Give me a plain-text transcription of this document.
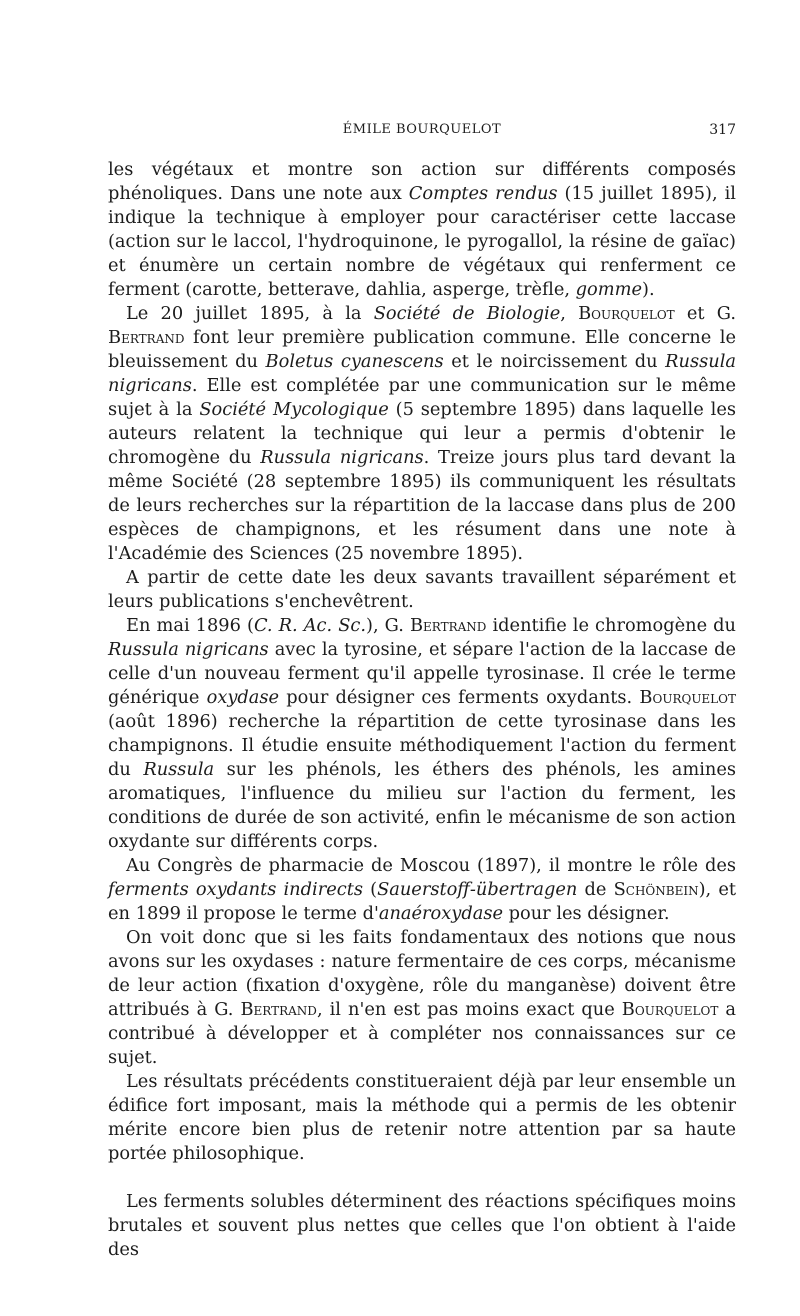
ÉMILE BOURQUELOT	317

les végétaux et montre son action sur différents composés phénoliques. Dans une note aux Comptes rendus (15 juillet 1895), il indique la technique à employer pour caractériser cette laccase (action sur le laccol, l'hydroquinone, le pyrogallol, la résine de gaïac) et énumère un certain nombre de végétaux qui renferment ce ferment (carotte, betterave, dahlia, asperge, trèfle, gomme).

Le 20 juillet 1895, à la Société de Biologie, Bourquelot et G. Bertrand font leur première publication commune. Elle concerne le bleuissement du Boletus cyanescens et le noircissement du Russula nigricans. Elle est complétée par une communication sur le même sujet à la Société Mycologique (5 septembre 1895) dans laquelle les auteurs relatent la technique qui leur a permis d'obtenir le chromogène du Russula nigricans. Treize jours plus tard devant la même Société (28 septembre 1895) ils communiquent les résultats de leurs recherches sur la répartition de la laccase dans plus de 200 espèces de champignons, et les résument dans une note à l'Académie des Sciences (25 novembre 1895).

A partir de cette date les deux savants travaillent séparément et leurs publications s'enchevêtrent.

En mai 1896 (C. R. Ac. Sc.), G. Bertrand identifie le chromogène du Russula nigricans avec la tyrosine, et sépare l'action de la laccase de celle d'un nouveau ferment qu'il appelle tyrosinase. Il crée le terme générique oxydase pour désigner ces ferments oxydants. Bourquelot (août 1896) recherche la répartition de cette tyrosinase dans les champignons. Il étudie ensuite méthodiquement l'action du ferment du Russula sur les phénols, les éthers des phénols, les amines aromatiques, l'influence du milieu sur l'action du ferment, les conditions de durée de son activité, enfin le mécanisme de son action oxydante sur différents corps.

Au Congrès de pharmacie de Moscou (1897), il montre le rôle des ferments oxydants indirects (Sauerstoff-übertragen de Schönbein), et en 1899 il propose le terme d'anaéroxydase pour les désigner.

On voit donc que si les faits fondamentaux des notions que nous avons sur les oxydases : nature fermentaire de ces corps, mécanisme de leur action (fixation d'oxygène, rôle du manganèse) doivent être attribués à G. Bertrand, il n'en est pas moins exact que Bourquelot a contribué à développer et à compléter nos connaissances sur ce sujet.

Les résultats précédents constitueraient déjà par leur ensemble un édifice fort imposant, mais la méthode qui a permis de les obtenir mérite encore bien plus de retenir notre attention par sa haute portée philosophique.

Les ferments solubles déterminent des réactions spécifiques moins brutales et souvent plus nettes que celles que l'on obtient à l'aide des
